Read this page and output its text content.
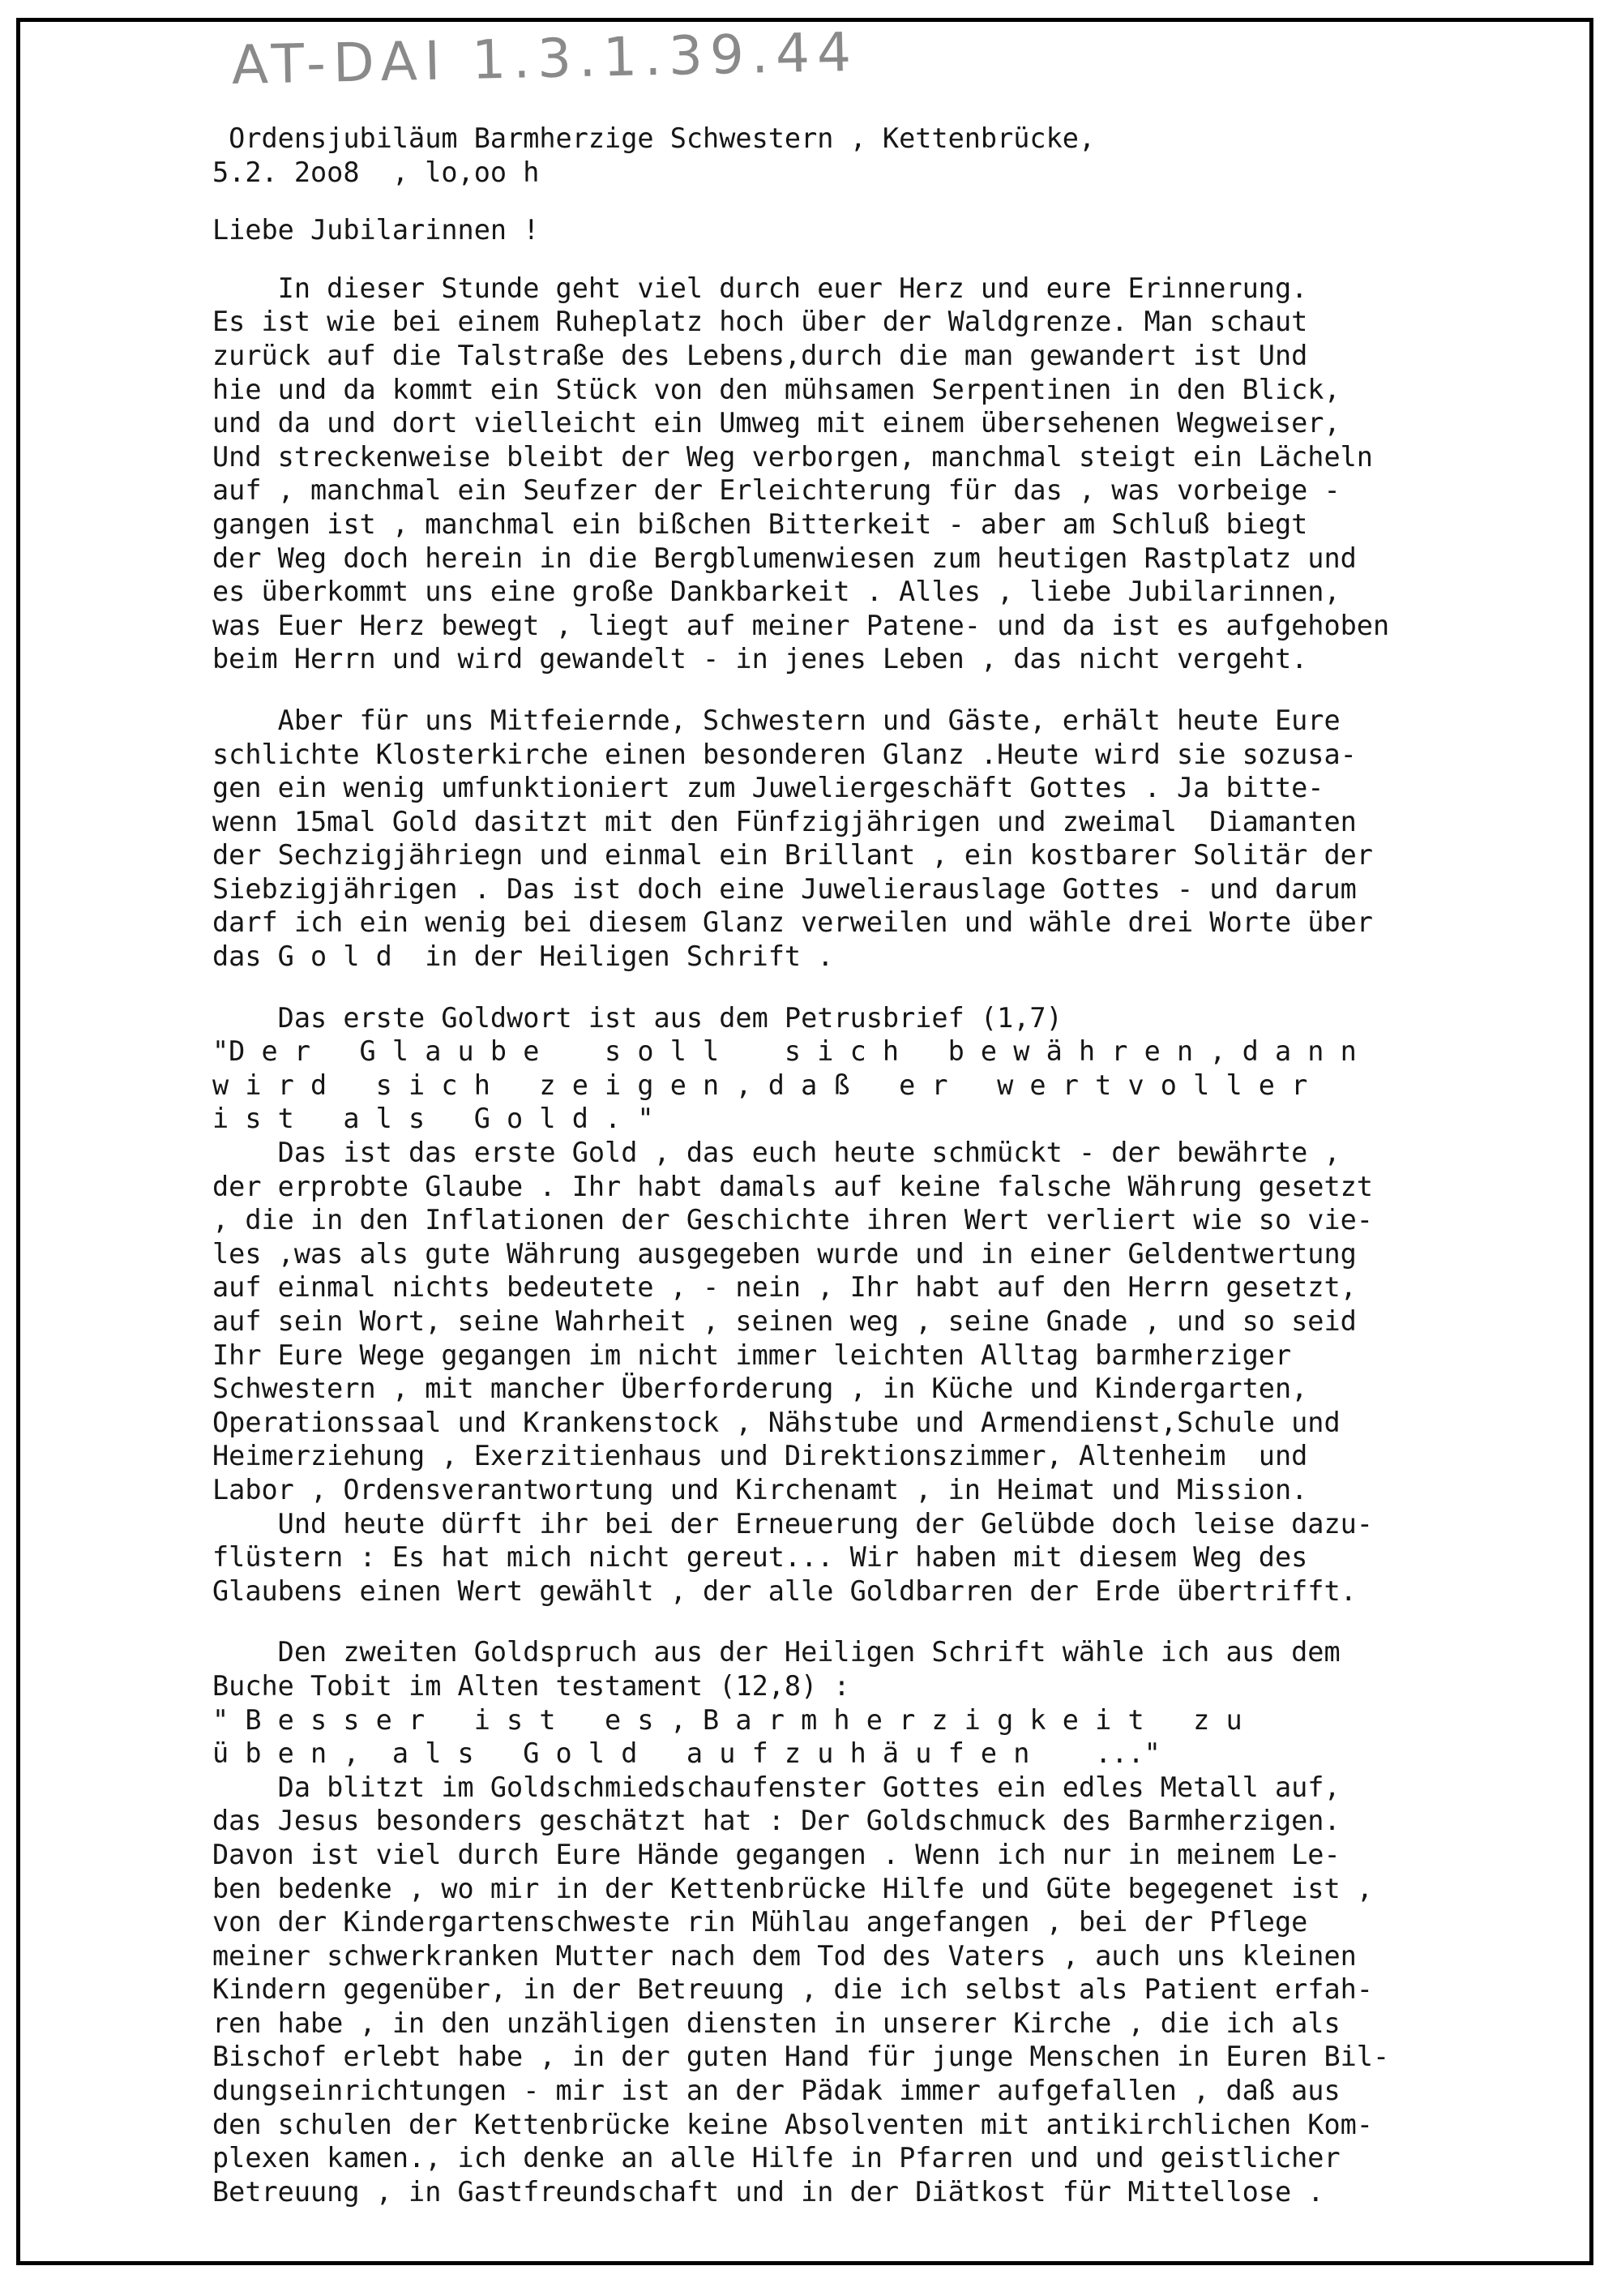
AT-DAI 1.3.1.39.44
Ordensjubiläum Barmherzige Schwestern , Kettenbrücke,
5.2. 2oo8  , lo,oo h
Liebe Jubilarinnen !
In dieser Stunde geht viel durch euer Herz und eure Erinnerung.
Es ist wie bei einem Ruheplatz hoch über der Waldgrenze. Man schaut
zurück auf die Talstraße des Lebens,durch die man gewandert ist Und
hie und da kommt ein Stück von den mühsamen Serpentinen in den Blick,
und da und dort vielleicht ein Umweg mit einem übersehenen Wegweiser,
Und streckenweise bleibt der Weg verborgen, manchmal steigt ein Lächeln
auf , manchmal ein Seufzer der Erleichterung für das , was vorbeige -
gangen ist , manchmal ein bißchen Bitterkeit - aber am Schluß biegt
der Weg doch herein in die Bergblumenwiesen zum heutigen Rastplatz und
es überkommt uns eine große Dankbarkeit . Alles , liebe Jubilarinnen,
was Euer Herz bewegt , liegt auf meiner Patene- und da ist es aufgehoben
beim Herrn und wird gewandelt - in jenes Leben , das nicht vergeht.
Aber für uns Mitfeiernde, Schwestern und Gäste, erhält heute Eure
schlichte Klosterkirche einen besonderen Glanz .Heute wird sie sozusa-
gen ein wenig umfunktioniert zum Juweliergeschäft Gottes . Ja bitte-
wenn 15mal Gold dasitzt mit den Fünfzigjährigen und zweimal  Diamanten
der Sechzigjähriegn und einmal ein Brillant , ein kostbarer Solitär der
Siebzigjährigen . Das ist doch eine Juwelierauslage Gottes - und darum
darf ich ein wenig bei diesem Glanz verweilen und wähle drei Worte über
das G o l d  in der Heiligen Schrift .
Das erste Goldwort ist aus dem Petrusbrief (1,7)
"D e r   G l a u b e    s o l l    s i c h   b e w ä h r e n , d a n n
w i r d   s i c h   z e i g e n , d a ß   e r   w e r t v o l l e r
i s t   a l s   G o l d . "
Das ist das erste Gold , das euch heute schmückt - der bewährte ,
der erprobte Glaube . Ihr habt damals auf keine falsche Währung gesetzt
, die in den Inflationen der Geschichte ihren Wert verliert wie so vie-
les ,was als gute Währung ausgegeben wurde und in einer Geldentwertung
auf einmal nichts bedeutete , - nein , Ihr habt auf den Herrn gesetzt,
auf sein Wort, seine Wahrheit , seinen weg , seine Gnade , und so seid
Ihr Eure Wege gegangen im nicht immer leichten Alltag barmherziger
Schwestern , mit mancher Überforderung , in Küche und Kindergarten,
Operationssaal und Krankenstock , Nähstube und Armendienst,Schule und
Heimerziehung , Exerzitienhaus und Direktionszimmer, Altenheim  und
Labor , Ordensverantwortung und Kirchenamt , in Heimat und Mission.
Und heute dürft ihr bei der Erneuerung der Gelübde doch leise dazu-
flüstern : Es hat mich nicht gereut... Wir haben mit diesem Weg des
Glaubens einen Wert gewählt , der alle Goldbarren der Erde übertrifft.
Den zweiten Goldspruch aus der Heiligen Schrift wähle ich aus dem
Buche Tobit im Alten testament (12,8) :
" B e s s e r   i s t   e s , B a r m h e r z i g k e i t   z u
ü b e n ,  a l s   G o l d   a u f z u h ä u f e n    ..."
Da blitzt im Goldschmiedschaufenster Gottes ein edles Metall auf,
das Jesus besonders geschätzt hat : Der Goldschmuck des Barmherzigen.
Davon ist viel durch Eure Hände gegangen . Wenn ich nur in meinem Le-
ben bedenke , wo mir in der Kettenbrücke Hilfe und Güte begegenet ist ,
von der Kindergartenschweste rin Mühlau angefangen , bei der Pflege
meiner schwerkranken Mutter nach dem Tod des Vaters , auch uns kleinen
Kindern gegenüber, in der Betreuung , die ich selbst als Patient erfah-
ren habe , in den unzähligen diensten in unserer Kirche , die ich als
Bischof erlebt habe , in der guten Hand für junge Menschen in Euren Bil-
dungseinrichtungen - mir ist an der Pädak immer aufgefallen , daß aus
den schulen der Kettenbrücke keine Absolventen mit antikirchlichen Kom-
plexen kamen., ich denke an alle Hilfe in Pfarren und und geistlicher
Betreuung , in Gastfreundschaft und in der Diätkost für Mittellose .
